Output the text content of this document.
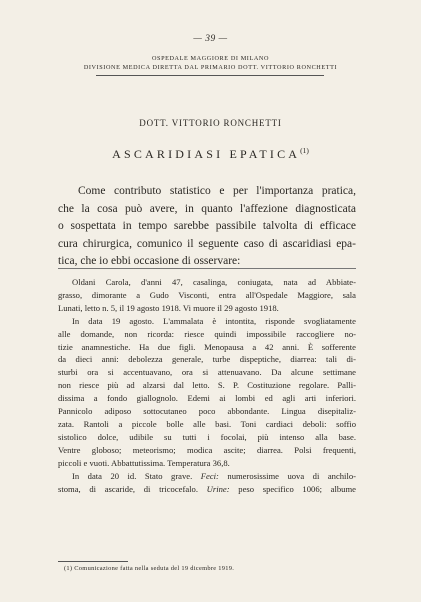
— 39 —
OSPEDALE MAGGIORE DI MILANO
DIVISIONE MEDICA DIRETTA DAL PRIMARIO DOTT. VITTORIO RONCHETTI
DOTT. VITTORIO RONCHETTI
ASCARIDIASI EPATICA$^{(1)}$
Come contributo statistico e per l'importanza pratica,
che la cosa può avere, in quanto l'affezione diagnosticata
o sospettata in tempo sarebbe passibile talvolta di efficace
cura chirurgica, comunico il seguente caso di ascaridiasi epa-
tica, che io ebbi occasione di osservare:
Oldani Carola, d'anni 47, casalinga, coniugata, nata ad Abbiate-
grasso, dimorante a Gudo Visconti, entra all'Ospedale Maggiore, sala
Lunati, letto n. 5, il 19 agosto 1918. Vi muore il 29 agosto 1918.
In data 19 agosto. L'ammalata è intontita, risponde svogliatamente
alle domande, non ricorda: riesce quindi impossibile raccogliere no-
tizie anamnestiche. Ha due figli. Menopausa a 42 anni. È sofferente
da dieci anni: debolezza generale, turbe dispeptiche, diarrea: tali di-
sturbi ora si accentuavano, ora si attenuavano. Da alcune settimane
non riesce più ad alzarsi dal letto. S. P. Costituzione regolare. Palli-
dissima a fondo giallognolo. Edemi ai lombi ed agli arti inferiori.
Pannicolo adiposo sottocutaneo poco abbondante. Lingua disepitaliz-
zata. Rantoli a piccole bolle alle basi. Toni cardiaci deboli: soffio
sistolico dolce, udibile su tutti i focolai, più intenso alla base.
Ventre globoso; meteorismo; modica ascite; diarrea. Polsi frequenti,
piccoli e vuoti. Abbattutissima. Temperatura 36,8.
In data 20 id. Stato grave. Feci: numerosissime uova di anchilo-
stoma, di ascaride, di tricocefalo. Urine: peso specifico 1006; albume
(1) Comunicazione fatta nella seduta del 19 dicembre 1919.
